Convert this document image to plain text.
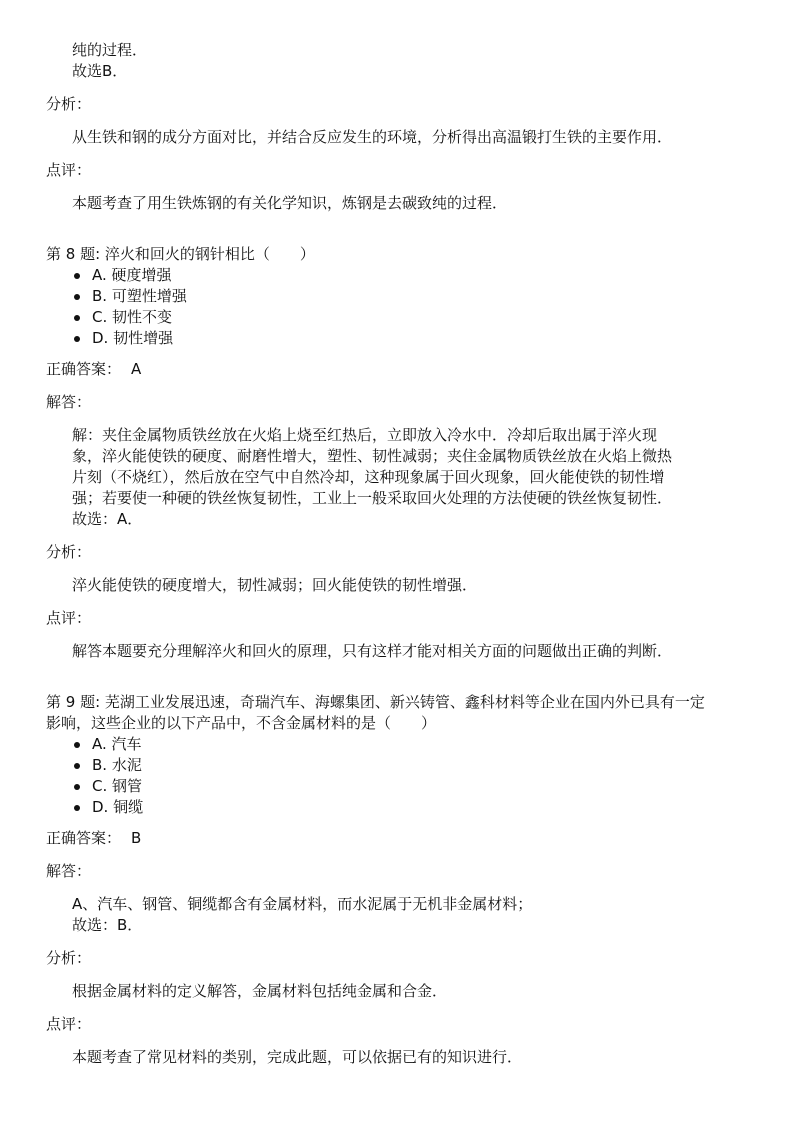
纯的过程．

故选B．

分析：

从生铁和钢的成分方面对比，并结合反应发生的环境，分析得出高温锻打生铁的主要作用．

点评：

本题考查了用生铁炼钢的有关化学知识，炼钢是去碳致纯的过程．

第 8 题: 淬火和回火的钢针相比（　　）

A. 硬度增强
B. 可塑性增强
C. 韧性不变
D. 韧性增强

正确答案： A

解答：

解：夹住金属物质铁丝放在火焰上烧至红热后，立即放入冷水中．冷却后取出属于淬火现

象，淬火能使铁的硬度、耐磨性增大，塑性、韧性减弱；夹住金属物质铁丝放在火焰上微热

片刻（不烧红），然后放在空气中自然冷却，这种现象属于回火现象，回火能使铁的韧性增

强；若要使一种硬的铁丝恢复韧性，工业上一般采取回火处理的方法使硬的铁丝恢复韧性．

故选：A．

分析：

淬火能使铁的硬度增大，韧性减弱；回火能使铁的韧性增强．

点评：

解答本题要充分理解淬火和回火的原理，只有这样才能对相关方面的问题做出正确的判断．

第 9 题: 芜湖工业发展迅速，奇瑞汽车、海螺集团、新兴铸管、鑫科材料等企业在国内外已具有一定

影响，这些企业的以下产品中，不含金属材料的是（　　）

A. 汽车
B. 水泥
C. 钢管
D. 铜缆

正确答案： B

解答：

A、汽车、钢管、铜缆都含有金属材料，而水泥属于无机非金属材料；

故选：B．

分析：

根据金属材料的定义解答，金属材料包括纯金属和合金．

点评：

本题考查了常见材料的类别，完成此题，可以依据已有的知识进行．
